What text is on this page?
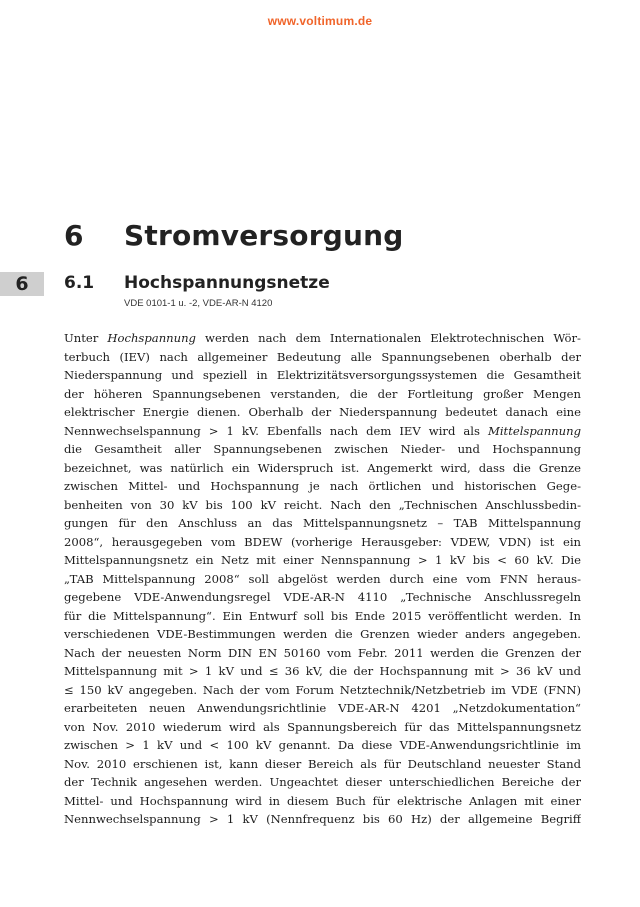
www.voltimum.de
6 Stromversorgung
6	6.1 Hochspannungsnetze
VDE 0101-1 u. -2, VDE-AR-N 4120
Unter Hochspannung werden nach dem Internationalen Elektrotechnischen Wör-
terbuch (IEV) nach allgemeiner Bedeutung alle Spannungsebenen oberhalb der
Niederspannung und speziell in Elektrizitätsversorgungssystemen die Gesamtheit
der höheren Spannungsebenen verstanden, die der Fortleitung großer Mengen
elektrischer Energie dienen. Oberhalb der Niederspannung bedeutet danach eine
Nennwechselspannung > 1 kV. Ebenfalls nach dem IEV wird als Mittelspannung
die Gesamtheit aller Spannungsebenen zwischen Nieder- und Hochspannung
bezeichnet, was natürlich ein Widerspruch ist. Angemerkt wird, dass die Grenze
zwischen Mittel- und Hochspannung je nach örtlichen und historischen Gege-
benheiten von 30 kV bis 100 kV reicht. Nach den „Technischen Anschlussbedin-
gungen für den Anschluss an das Mittelspannungsnetz – TAB Mittelspannung
2008“, herausgegeben vom BDEW (vorherige Herausgeber: VDEW, VDN) ist ein
Mittelspannungsnetz ein Netz mit einer Nennspannung > 1 kV bis < 60 kV. Die
„TAB Mittelspannung 2008“ soll abgelöst werden durch eine vom FNN heraus-
gegebene VDE-Anwendungsregel VDE-AR-N 4110 „Technische Anschlussregeln
für die Mittelspannung“. Ein Entwurf soll bis Ende 2015 veröffentlicht werden. In
verschiedenen VDE-Bestimmungen werden die Grenzen wieder anders angegeben.
Nach der neuesten Norm DIN EN 50160 vom Febr. 2011 werden die Grenzen der
Mittelspannung mit > 1 kV und ≤ 36 kV, die der Hochspannung mit > 36 kV und
≤ 150 kV angegeben. Nach der vom Forum Netztechnik/Netzbetrieb im VDE (FNN)
erarbeiteten neuen Anwendungsrichtlinie VDE-AR-N 4201 „Netzdokumentation“
von Nov. 2010 wiederum wird als Spannungsbereich für das Mittelspannungsnetz
zwischen > 1 kV und < 100 kV genannt. Da diese VDE-Anwendungsrichtlinie im
Nov. 2010 erschienen ist, kann dieser Bereich als für Deutschland neuester Stand
der Technik angesehen werden. Ungeachtet dieser unterschiedlichen Bereiche der
Mittel- und Hochspannung wird in diesem Buch für elektrische Anlagen mit einer
Nennwechselspannung > 1 kV (Nennfrequenz bis 60 Hz) der allgemeine Begriff
